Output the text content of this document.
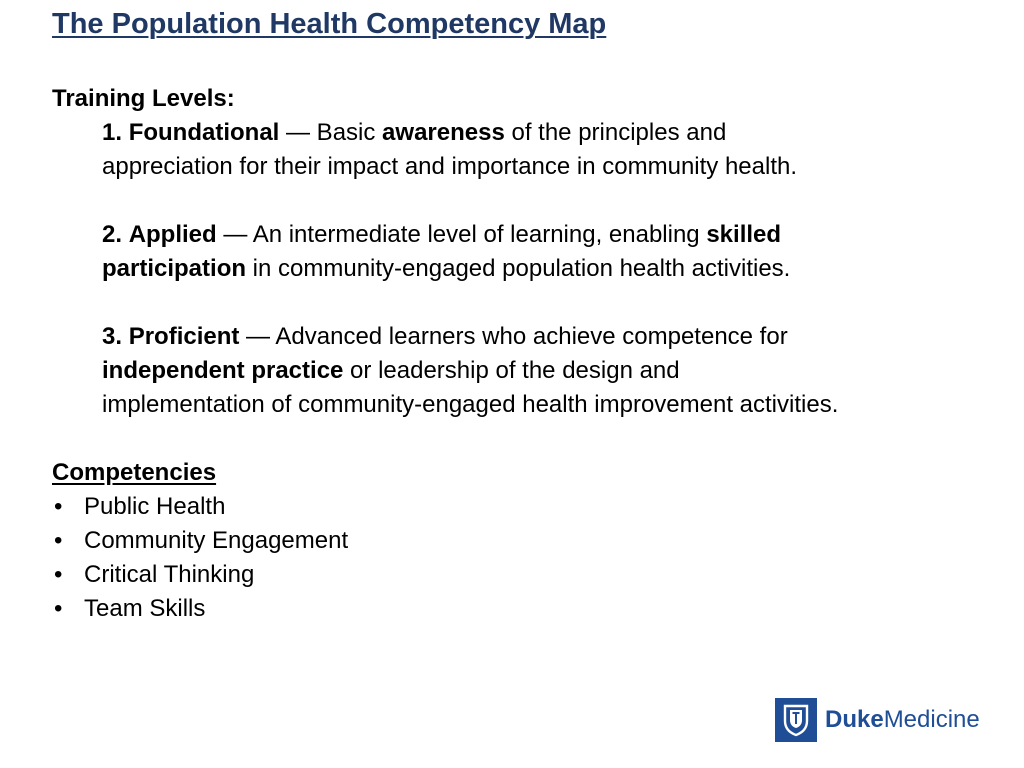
The Population Health Competency Map
Training Levels:
1. Foundational — Basic awareness of the principles and
appreciation for their impact and importance in community health.
2. Applied — An intermediate level of learning, enabling skilled
participation in community-engaged population health activities.
3. Proficient — Advanced learners who achieve competence for
independent practice or leadership of the design and
implementation of community-engaged health improvement activities.
Competencies
• Public Health
• Community Engagement
• Critical Thinking
• Team Skills
DukeMedicine
